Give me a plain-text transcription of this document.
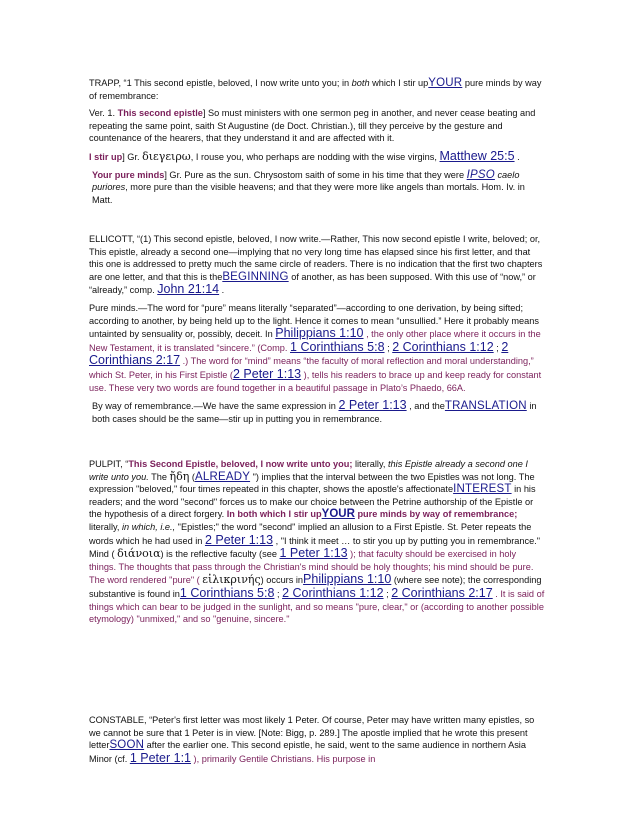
TRAPP, “1 This second epistle, beloved, I now write unto you; in both which I stir upYOUR pure minds by way of remembrance:

Ver. 1. This second epistle] So must ministers with one sermon peg in another, and never cease beating and repeating the same point, saith St Augustine (de Doct. Christian.), till they perceive by the gesture and countenance of the hearers, that they understand it and are affected with it.

I stir up] Gr. διεγειρω, I rouse you, who perhaps are nodding with the wise virgins, Matthew 25:5 .

Your pure minds] Gr. Pure as the sun. Chrysostom saith of some in his time that they were IPSO caelo puriores, more pure than the visible heavens; and that they were more like angels than mortals. Hom. Iv. in Matt.

ELLICOTT, “(1) This second epistle, beloved, I now write.—Rather, This now second epistle I write, beloved; or, This epistle, already a second one—implying that no very long time has elapsed since his first letter, and that this one is addressed to pretty much the same circle of readers. There is no indication that the first two chapters are one letter, and that this is theBEGINNING of another, as has been supposed. With this use of “now,” or “already,” comp. John 21:14 .

Pure minds.—The word for “pure” means literally “separated”—according to one derivation, by being sifted; according to another, by being held up to the light. Hence it comes to mean “unsullied.” Here it probably means untainted by sensuality or, possibly, deceit. In Philippians 1:10 , the only other place where it occurs in the New Testament, it is translated “sincere.” (Comp. 1 Corinthians 5:8 ; 2 Corinthians 1:12 ; 2 Corinthians 2:17 .) The word for “mind” means “the faculty of moral reflection and moral understanding,” which St. Peter, in his First Epistle (2 Peter 1:13 ), tells his readers to brace up and keep ready for constant use. These very two words are found together in a beautiful passage in Plato’s Phaedo, 66A.

By way of remembrance.—We have the same expression in 2 Peter 1:13 , and theTRANSLATION in both cases should be the same—stir up in putting you in remembrance.

PULPIT, “This Second Epistle, beloved, I now write unto you; literally, this Epistle already a second one I write unto you. The ἤδη (ALREADY ") implies that the interval between the two Epistles was not long. The expression "beloved," four times repeated in this chapter, shows the apostle's affectionateINTEREST in his readers; and the word "second" forces us to make our choice between the Petrine authorship of the Epistle or the hypothesis of a direct forgery. In both which I stir upYOUR pure minds by way of remembrance; literally, in which, i.e., "Epistles;" the word "second" implied an allusion to a First Epistle. St. Peter repeats the words which he had used in 2 Peter 1:13 , "I think it meet … to stir you up by putting you in remembrance." Mind ( διάνοια) is the reflective faculty (see 1 Peter 1:13 ); that faculty should be exercised in holy things. The thoughts that pass through the Christian's mind should be holy thoughts; his mind should be pure. The word rendered "pure" ( εἰλικρινής) occurs inPhilippians 1:10 (where see note); the corresponding substantive is found in1 Corinthians 5:8 ; 2 Corinthians 1:12 ; 2 Corinthians 2:17 . It is said of things which can bear to be judged in the sunlight, and so means "pure, clear," or (according to another possible etymology) "unmixed," and so "genuine, sincere."

CONSTABLE, “Peter's first letter was most likely 1 Peter. Of course, Peter may have written many epistles, so we cannot be sure that 1 Peter is in view. [Note: Bigg, p. 289.] The apostle implied that he wrote this present letterSOON after the earlier one. This second epistle, he said, went to the same audience in northern Asia Minor (cf. 1 Peter 1:1 ), primarily Gentile Christians. His purpose in
